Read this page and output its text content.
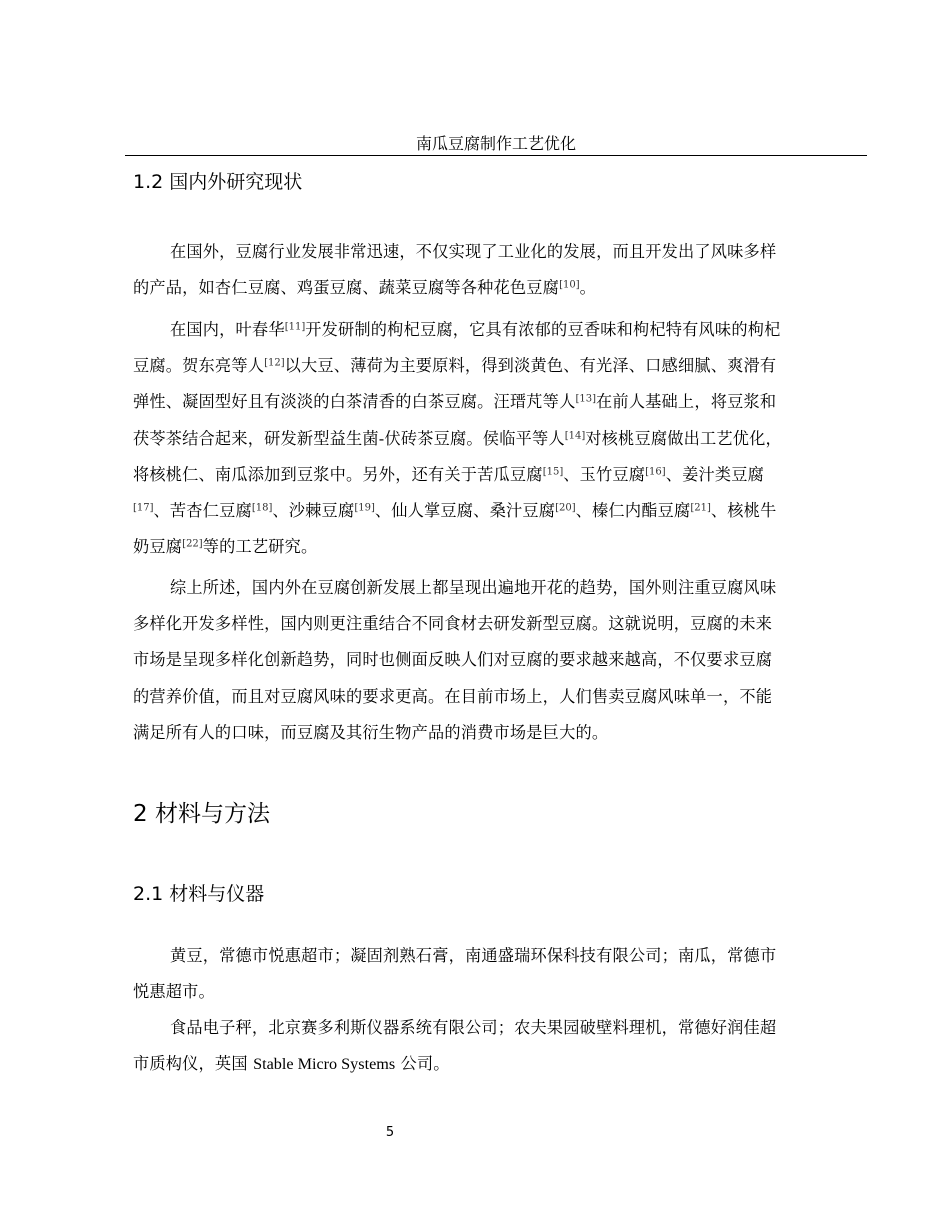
南瓜豆腐制作工艺优化
1.2 国内外研究现状

在国外，豆腐行业发展非常迅速，不仅实现了工业化的发展，而且开发出了风味多样
的产品，如杏仁豆腐、鸡蛋豆腐、蔬菜豆腐等各种花色豆腐[10]。

在国内，叶春华[11]开发研制的枸杞豆腐，它具有浓郁的豆香味和枸杞特有风味的枸杞
豆腐。贺东亮等人[12]以大豆、薄荷为主要原料，得到淡黄色、有光泽、口感细腻、爽滑有
弹性、凝固型好且有淡淡的白茶清香的白茶豆腐。汪瑨芃等人[13]在前人基础上，将豆浆和
茯苓茶结合起来，研发新型益生菌-伏砖茶豆腐。侯临平等人[14]对核桃豆腐做出工艺优化，
将核桃仁、南瓜添加到豆浆中。另外，还有关于苦瓜豆腐[15]、玉竹豆腐[16]、姜汁类豆腐
[17]、苦杏仁豆腐[18]、沙棘豆腐[19]、仙人掌豆腐、桑汁豆腐[20]、榛仁内酯豆腐[21]、核桃牛
奶豆腐[22]等的工艺研究。

综上所述，国内外在豆腐创新发展上都呈现出遍地开花的趋势，国外则注重豆腐风味
多样化开发多样性，国内则更注重结合不同食材去研发新型豆腐。这就说明，豆腐的未来
市场是呈现多样化创新趋势，同时也侧面反映人们对豆腐的要求越来越高，不仅要求豆腐
的营养价值，而且对豆腐风味的要求更高。在目前市场上，人们售卖豆腐风味单一，不能
满足所有人的口味，而豆腐及其衍生物产品的消费市场是巨大的。

2 材料与方法
2.1 材料与仪器

黄豆，常德市悦惠超市；凝固剂熟石膏，南通盛瑞环保科技有限公司；南瓜，常德市
悦惠超市。

食品电子秤，北京赛多利斯仪器系统有限公司；农夫果园破壁料理机，常德好润佳超
市质构仪，英国 Stable Micro Systems 公司。

5
